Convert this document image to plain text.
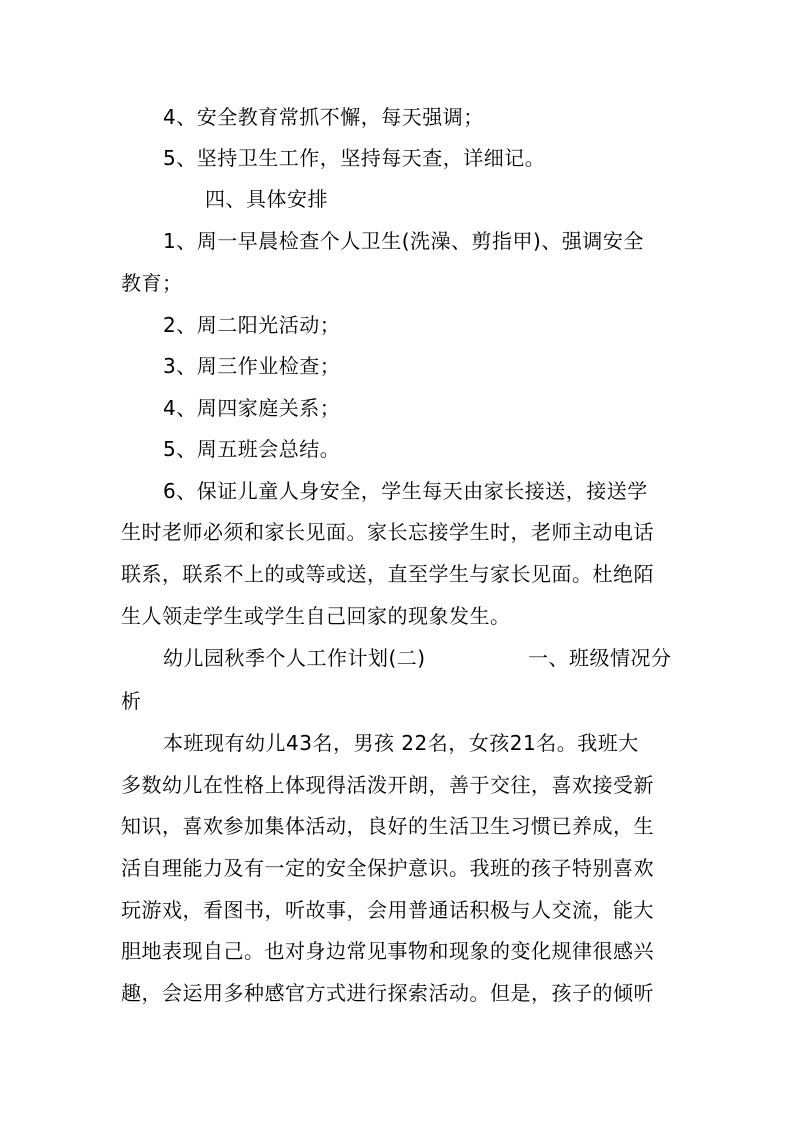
4、安全教育常抓不懈，每天强调；
5、坚持卫生工作，坚持每天查，详细记。
四、具体安排
1、周一早晨检查个人卫生(洗澡、剪指甲)、强调安全
教育；
2、周二阳光活动；
3、周三作业检查；
4、周四家庭关系；
5、周五班会总结。
6、保证儿童人身安全，学生每天由家长接送，接送学
生时老师必须和家长见面。家长忘接学生时，老师主动电话
联系，联系不上的或等或送，直至学生与家长见面。杜绝陌
生人领走学生或学生自己回家的现象发生。
幼儿园秋季个人工作计划(二)	一、班级情况分
析
本班现有幼儿43名，男孩 22名，女孩21名。我班大
多数幼儿在性格上体现得活泼开朗，善于交往，喜欢接受新
知识，喜欢参加集体活动，良好的生活卫生习惯已养成，生
活自理能力及有一定的安全保护意识。我班的孩子特别喜欢
玩游戏，看图书，听故事，会用普通话积极与人交流，能大
胆地表现自己。也对身边常见事物和现象的变化规律很感兴
趣，会运用多种感官方式进行探索活动。但是，孩子的倾听
